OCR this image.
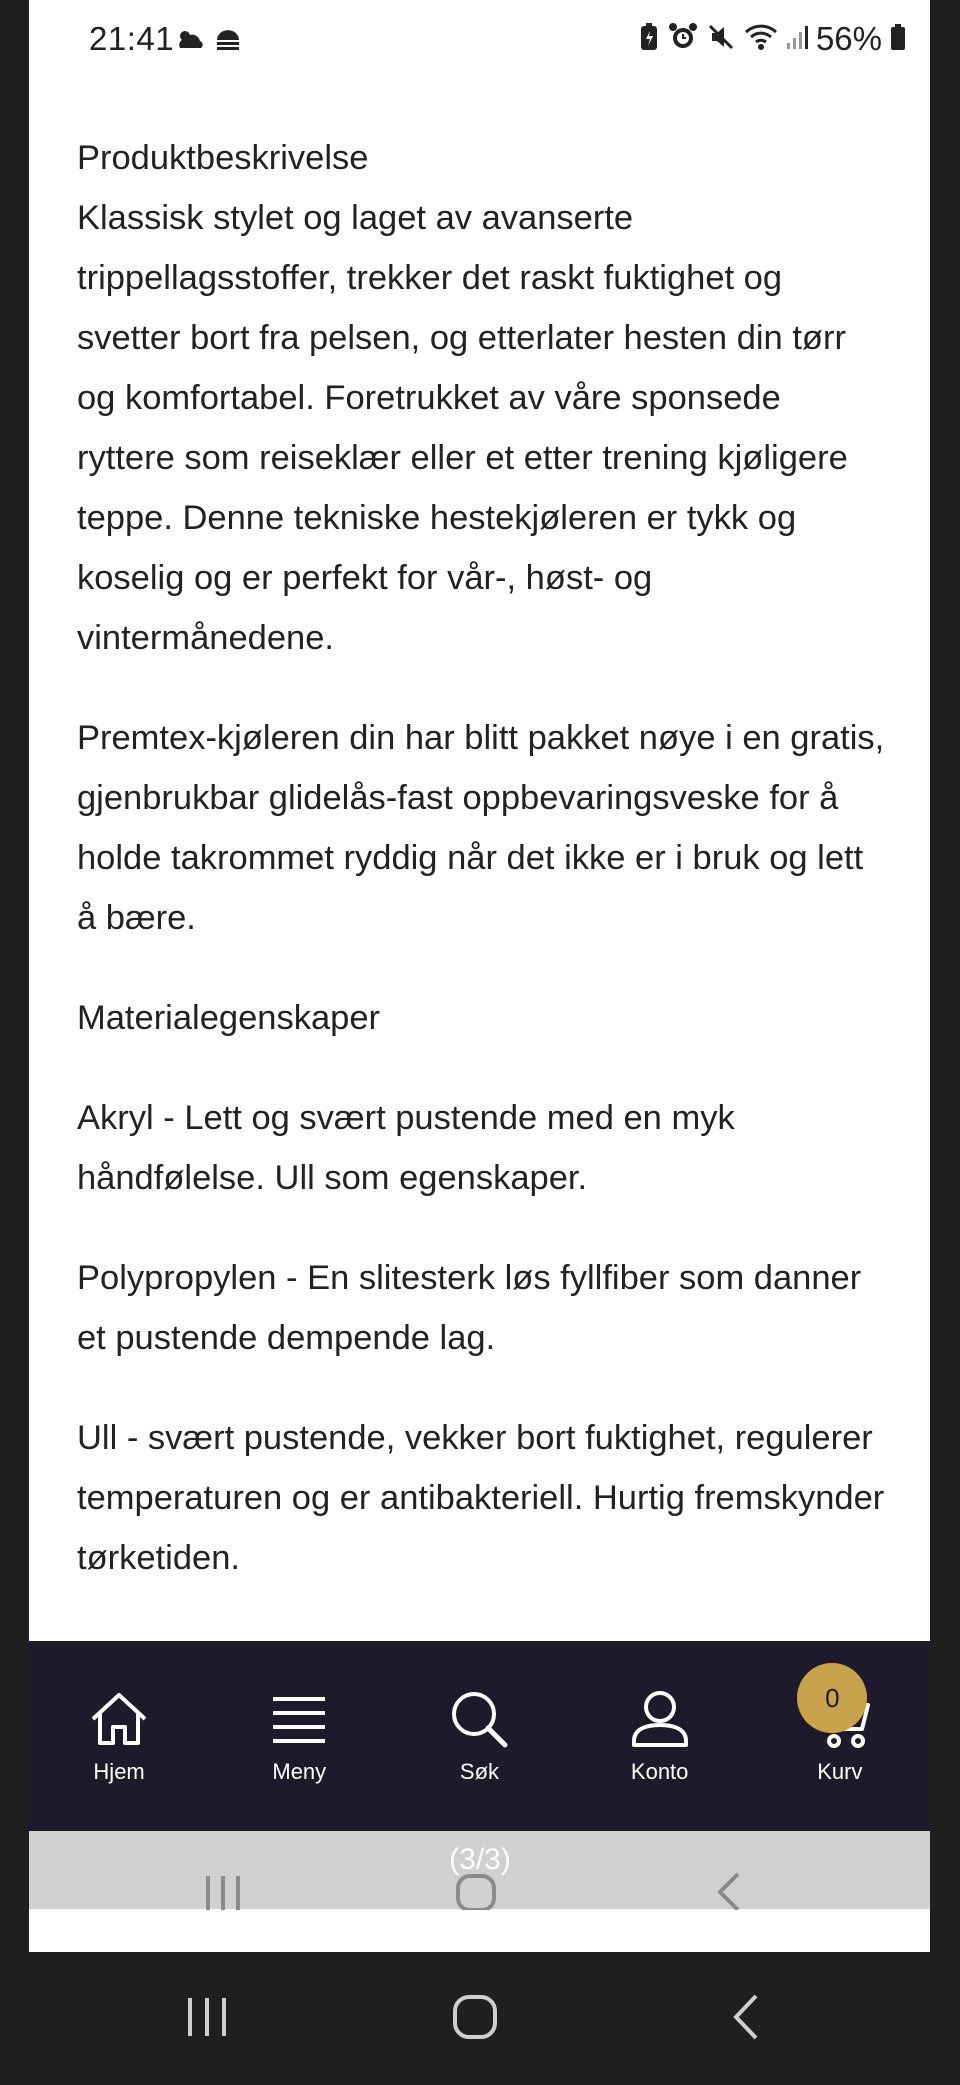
21:41	56%

Produktbeskrivelse

Klassisk stylet og laget av avanserte trippellagsstoffer, trekker det raskt fuktighet og svetter bort fra pelsen, og etterlater hesten din tørr og komfortabel. Foretrukket av våre sponsede ryttere som reiseklær eller et etter trening kjøligere teppe. Denne tekniske hestekjøleren er tykk og koselig og er perfekt for vår-, høst- og vintermånedene.

Premtex-kjøleren din har blitt pakket nøye i en gratis, gjenbrukbar glidelås-fast oppbevaringsveske for å holde takrommet ryddig når det ikke er i bruk og lett å bære.

Materialegenskaper

Akryl - Lett og svært pustende med en myk håndfølelse. Ull som egenskaper.

Polypropylen - En slitesterk løs fyllfiber som danner et pustende dempende lag.

Ull - svært pustende, vekker bort fuktighet, regulerer temperaturen og er antibakteriell. Hurtig fremskynder tørketiden.

Hjem	Meny	Søk	Konto
0
Kurv
(3/3)
